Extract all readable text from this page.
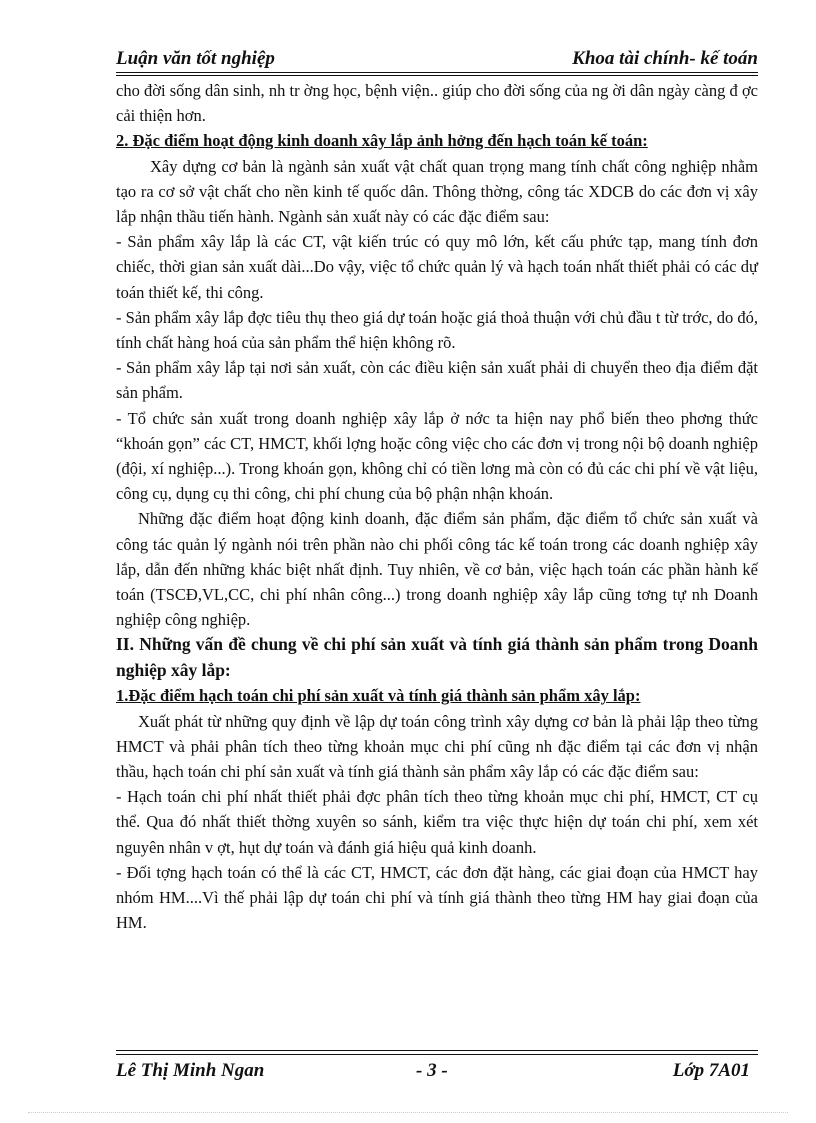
Luận văn tốt nghiệp	Khoa tài chính- kế toán

cho đời sống dân sinh, nh tr ờng học, bệnh viện.. giúp cho đời sống của ng ời dân ngày càng đ ợc cải thiện hơn.

2. Đặc điểm hoạt động kinh doanh xây lắp ảnh hởng đến hạch toán kế toán:

Xây dựng cơ bản là ngành sản xuất vật chất quan trọng mang tính chất công nghiệp nhằm tạo ra cơ sở vật chất cho nền kinh tế quốc dân. Thông thờng, công tác XDCB do các đơn vị xây lắp nhận thầu tiến hành. Ngành sản xuất này có các đặc điểm sau:

- Sản phẩm xây lắp là các CT, vật kiến trúc có quy mô lớn, kết cấu phức tạp, mang tính đơn chiếc, thời gian sản xuất dài...Do vậy, việc tổ chức quản lý và hạch toán nhất thiết phải có các dự toán thiết kế, thi công.

- Sản phẩm xây lắp đợc tiêu thụ theo giá dự toán hoặc giá thoả thuận với chủ đầu t từ trớc, do đó, tính chất hàng hoá của sản phẩm thể hiện không rõ.

- Sản phẩm xây lắp tại nơi sản xuất, còn các điều kiện sản xuất phải di chuyển theo địa điểm đặt sản phẩm.

- Tổ chức sản xuất trong doanh nghiệp xây lắp ở nớc ta hiện nay phổ biến theo phơng thức “khoán gọn” các CT, HMCT, khối lợng hoặc công việc cho các đơn vị trong nội bộ doanh nghiệp (đội, xí nghiệp...). Trong khoán gọn, không chỉ có tiền lơng mà còn có đủ các chi phí về vật liệu, công cụ, dụng cụ thi công, chi phí chung của bộ phận nhận khoán.

Những đặc điểm hoạt động kinh doanh, đặc điểm sản phẩm, đặc điểm tổ chức sản xuất và công tác quản lý ngành nói trên phần nào chi phối công tác kế toán trong các doanh nghiệp xây lắp, dẫn đến những khác biệt nhất định. Tuy nhiên, về cơ bản, việc hạch toán các phần hành kế toán (TSCĐ,VL,CC, chi phí nhân công...) trong doanh nghiệp xây lắp cũng tơng tự nh Doanh nghiệp công nghiệp.

II. Những vấn đề chung về chi phí sản xuất và tính giá thành sản phẩm trong Doanh nghiệp xây lắp:

1.Đặc điểm hạch toán chi phí sản xuất và tính giá thành sản phẩm xây lắp:

Xuất phát từ những quy định về lập dự toán công trình xây dựng cơ bản là phải lập theo từng HMCT và phải phân tích theo từng khoản mục chi phí cũng nh đặc điểm tại các đơn vị nhận thầu, hạch toán chi phí sản xuất và tính giá thành sản phẩm xây lắp có các đặc điểm sau:

- Hạch toán chi phí nhất thiết phải đợc phân tích theo từng khoản mục chi phí, HMCT, CT cụ thể. Qua đó nhất thiết thờng xuyên so sánh, kiểm tra việc thực hiện dự toán chi phí, xem xét nguyên nhân v ợt, hụt dự toán và đánh giá hiệu quả kinh doanh.

- Đối tợng hạch toán có thể là các CT, HMCT, các đơn đặt hàng, các giai đoạn của HMCT hay nhóm HM....Vì thế phải lập dự toán chi phí và tính giá thành theo từng HM hay giai đoạn của HM.

Lê Thị Minh Ngan	- 3 -	Lớp 7A01
